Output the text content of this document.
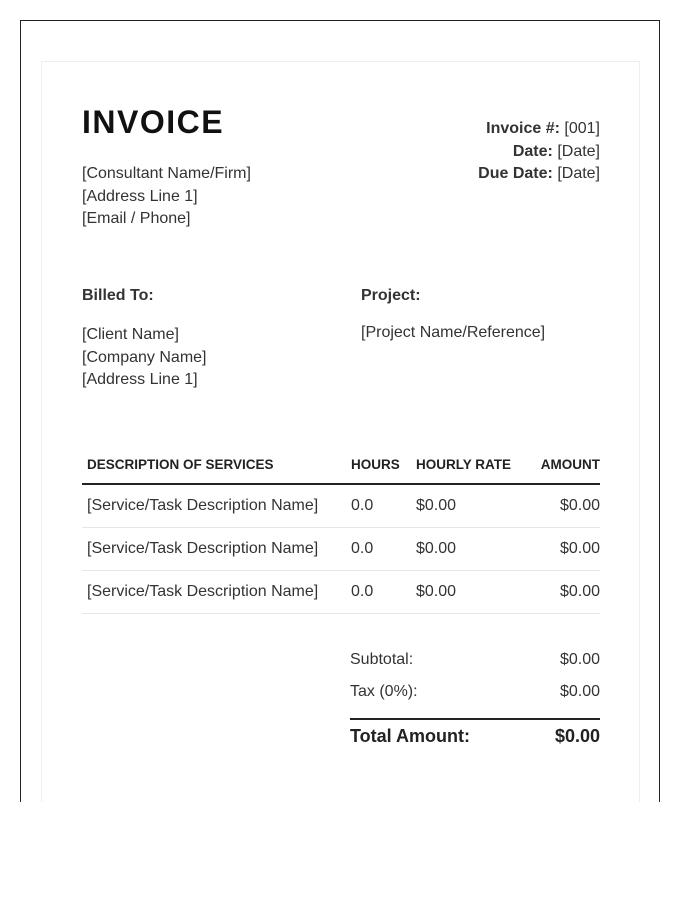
INVOICE
[Consultant Name/Firm]
[Address Line 1]
[Email / Phone]
Invoice #: [001]
Date: [Date]
Due Date: [Date]
Billed To:	Project:
[Client Name]
[Company Name]
[Address Line 1]
[Project Name/Reference]
DESCRIPTION OF SERVICES	HOURS	HOURLY RATE	AMOUNT
[Service/Task Description Name]	0.0	$0.00	$0.00
[Service/Task Description Name]	0.0	$0.00	$0.00
[Service/Task Description Name]	0.0	$0.00	$0.00
Subtotal:	$0.00
Tax (0%):	$0.00
Total Amount:	$0.00
